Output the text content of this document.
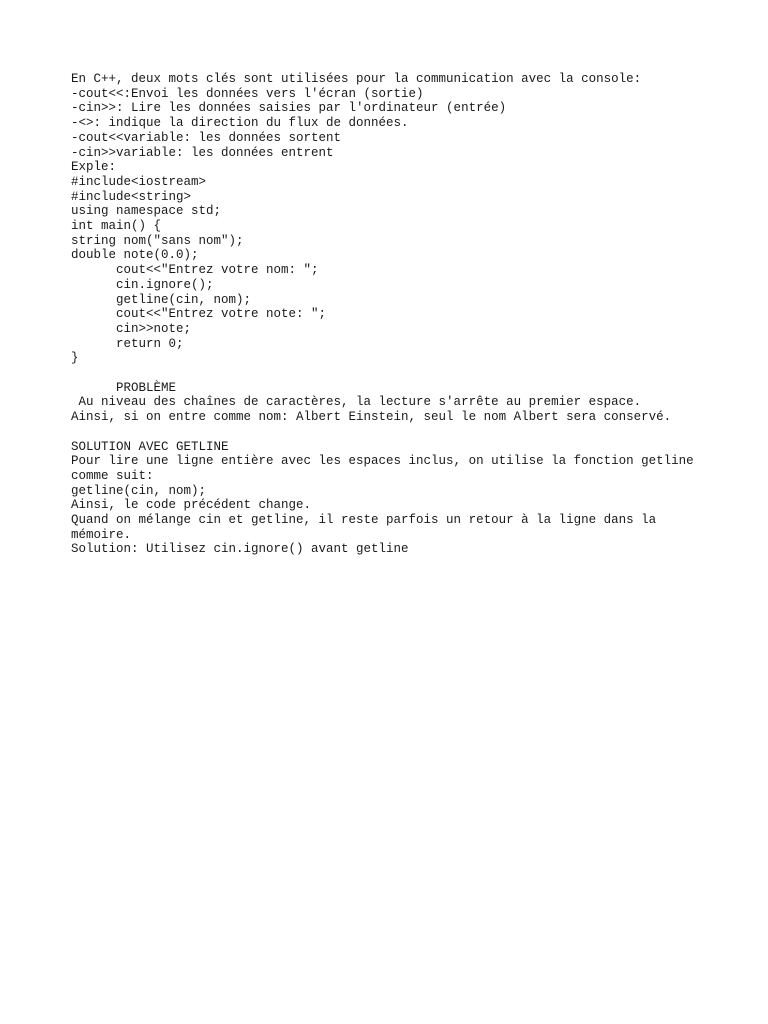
En C++, deux mots clés sont utilisées pour la communication avec la console:
-cout<<:Envoi les données vers l'écran (sortie)
-cin>>: Lire les données saisies par l'ordinateur (entrée)
-<>: indique la direction du flux de données.
-cout<<variable: les données sortent
-cin>>variable: les données entrent
Exple:
#include<iostream>
#include<string>
using namespace std;
int main() {
string nom("sans nom");
double note(0.0);
cout<<"Entrez votre nom: ";
cin.ignore();
getline(cin, nom);
cout<<"Entrez votre note: ";
cin>>note;
return 0;
}
PROBLÈME
Au niveau des chaînes de caractères, la lecture s'arrête au premier espace.
Ainsi, si on entre comme nom: Albert Einstein, seul le nom Albert sera conservé.
SOLUTION AVEC GETLINE
Pour lire une ligne entière avec les espaces inclus, on utilise la fonction getline
comme suit:
getline(cin, nom);
Ainsi, le code précédent change.
Quand on mélange cin et getline, il reste parfois un retour à la ligne dans la
mémoire.
Solution: Utilisez cin.ignore() avant getline
